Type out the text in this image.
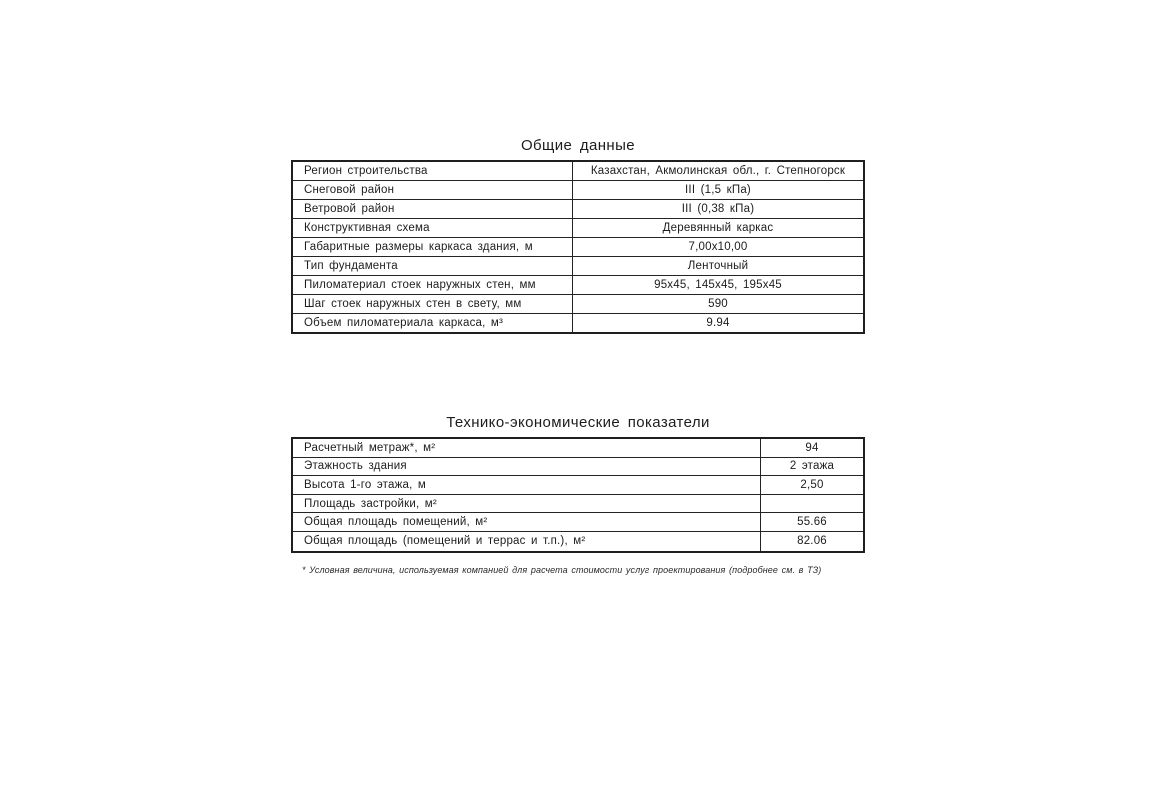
Общие данные
Регион строительства	Казахстан, Акмолинская обл., г. Степногорск
Снеговой район	III (1,5 кПа)
Ветровой район	III (0,38 кПа)
Конструктивная схема	Деревянный каркас
Габаритные размеры каркаса здания, м	7,00x10,00
Тип фундамента	Ленточный
Пиломатериал стоек наружных стен, мм	95x45, 145x45, 195x45
Шаг стоек наружных стен в свету, мм	590
Объем пиломатериала каркаса, м³	9.94
Технико-экономические показатели
Расчетный метраж*, м²	94
Этажность здания	2 этажа
Высота 1-го этажа, м	2,50
Площадь застройки, м²
Общая площадь помещений, м²	55.66
Общая площадь (помещений и террас и т.п.), м²	82.06
* Условная величина, используемая компанией для расчета стоимости услуг проектирования (подробнее см. в ТЗ)
